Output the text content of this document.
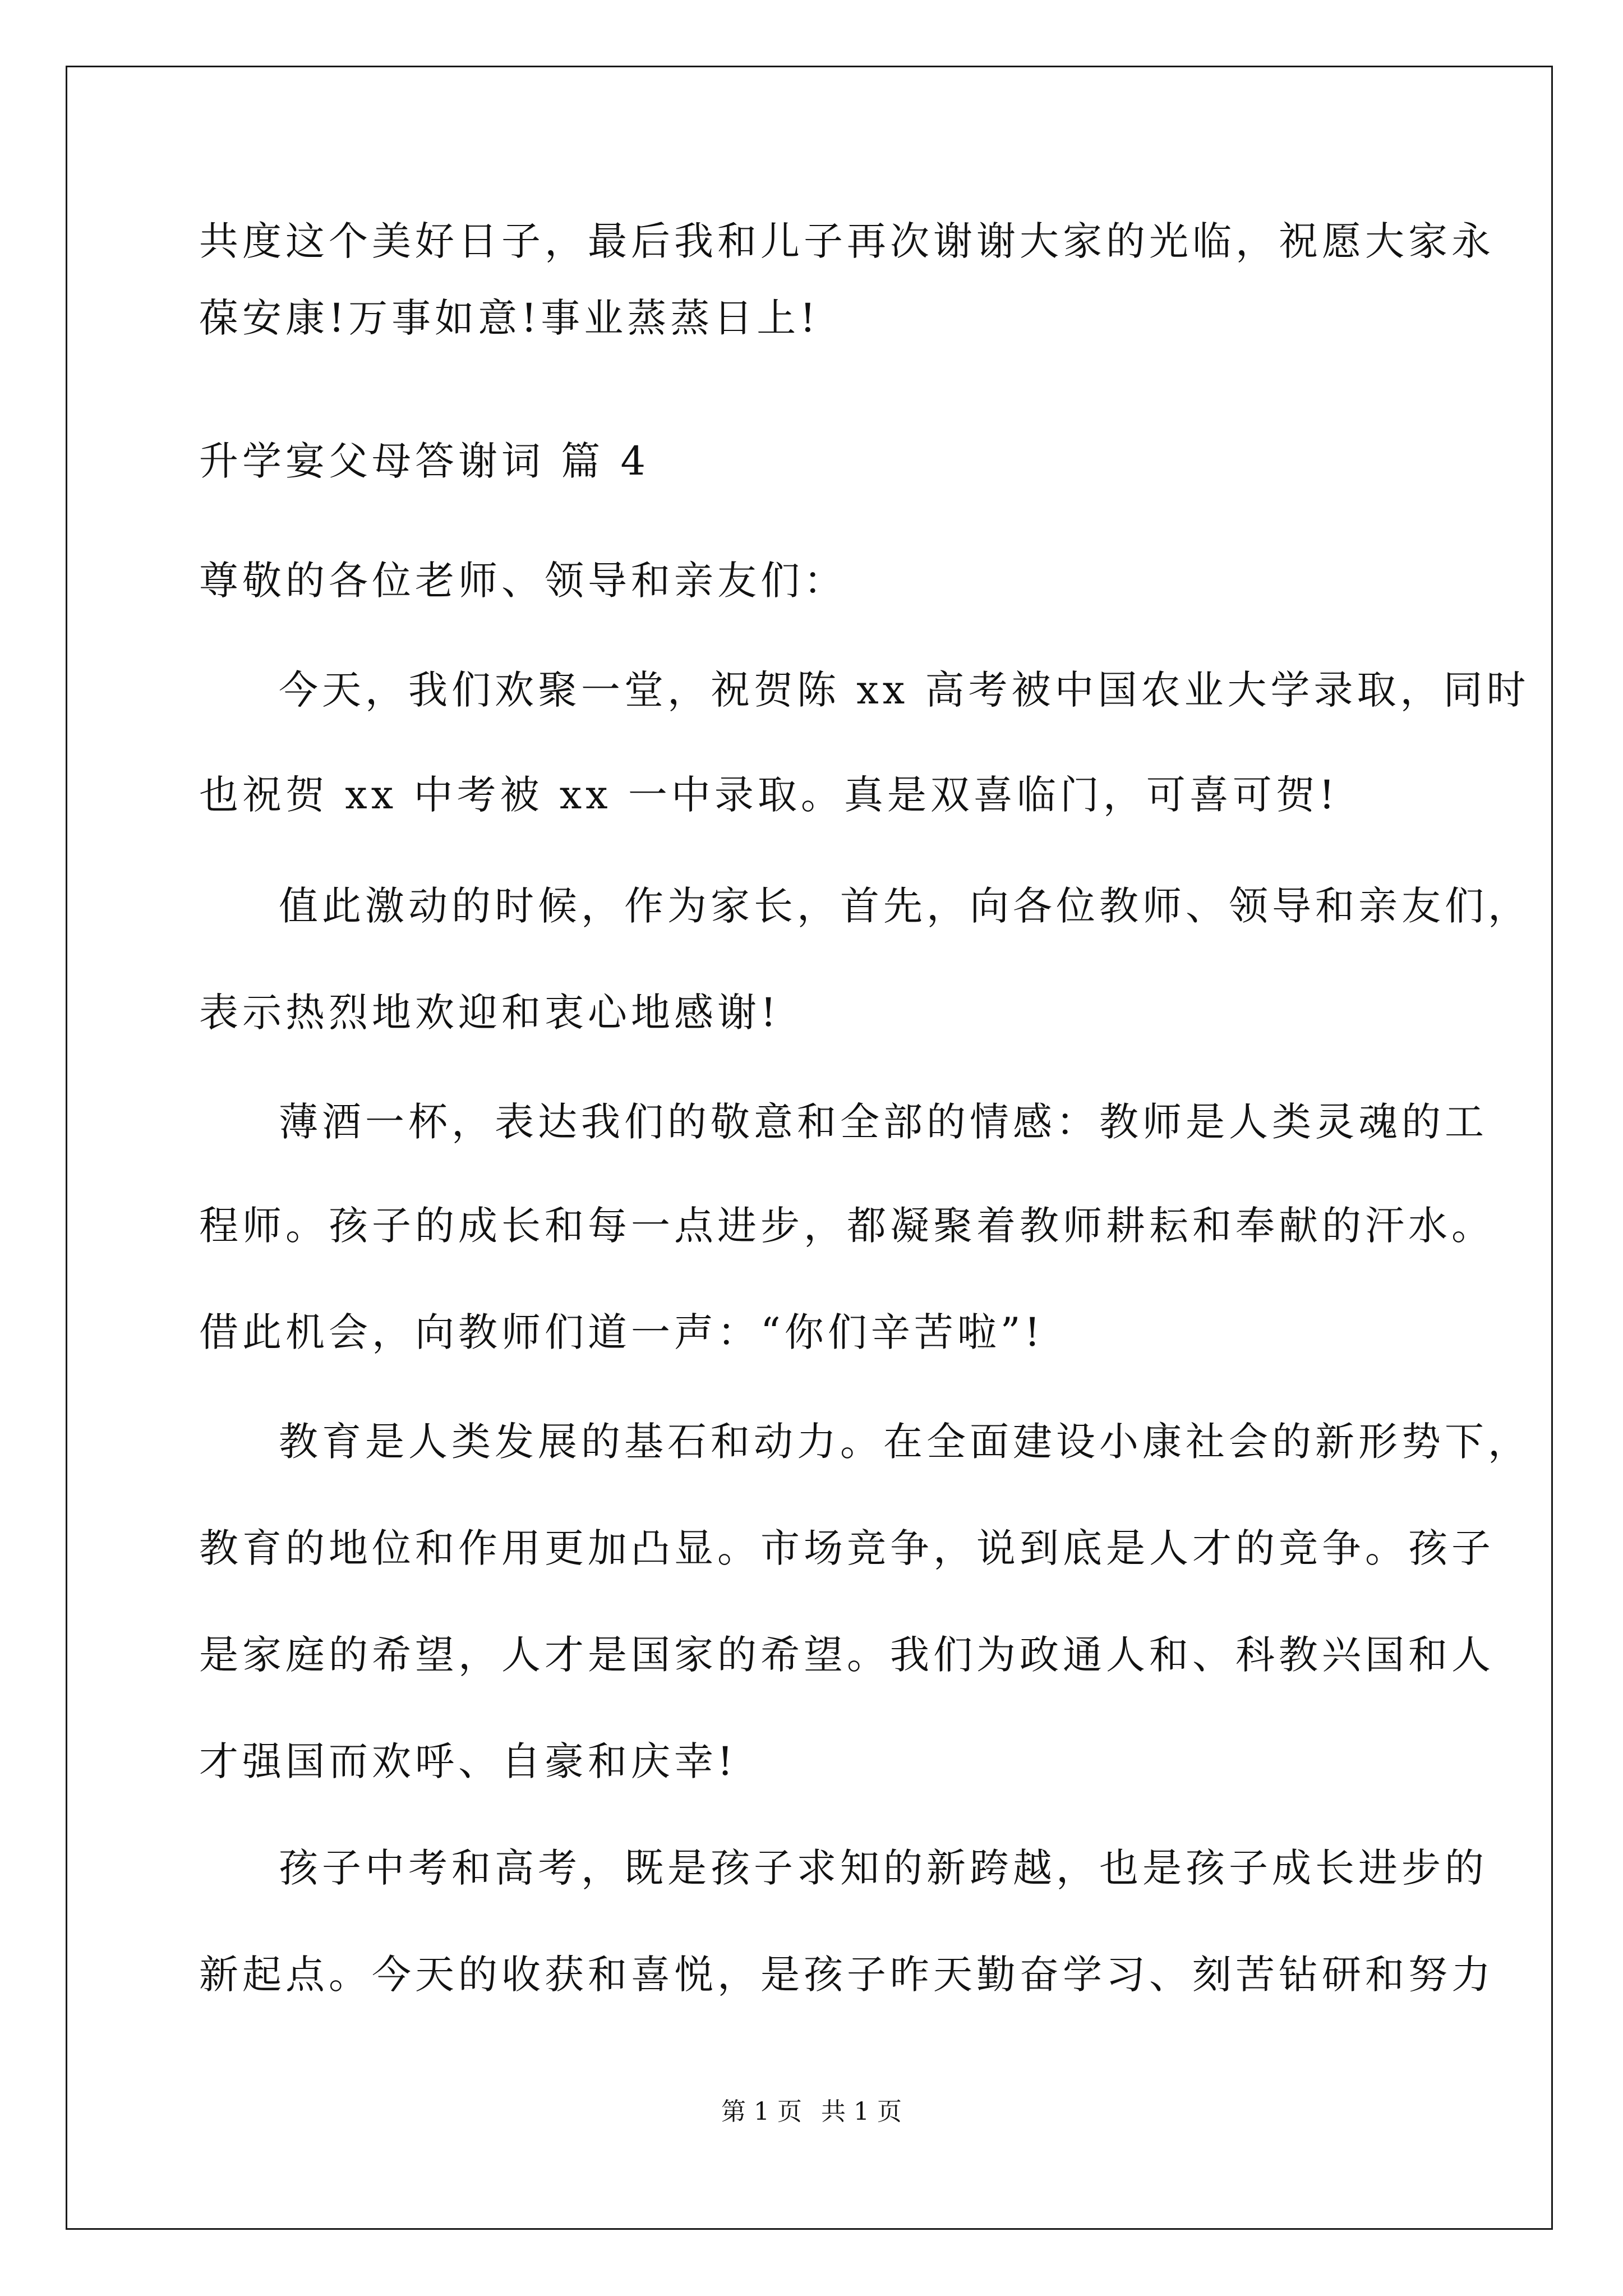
共度这个美好日子，最后我和儿子再次谢谢大家的光临，祝愿大家永
葆安康!万事如意!事业蒸蒸日上!
升学宴父母答谢词 篇 4
尊敬的各位老师、领导和亲友们：
今天，我们欢聚一堂，祝贺陈 xx 高考被中国农业大学录取，同时
也祝贺 xx 中考被 xx 一中录取。真是双喜临门，可喜可贺!
值此激动的时候，作为家长，首先，向各位教师、领导和亲友们，
表示热烈地欢迎和衷心地感谢!
薄酒一杯，表达我们的敬意和全部的情感：教师是人类灵魂的工
程师。孩子的成长和每一点进步，都凝聚着教师耕耘和奉献的汗水。
借此机会，向教师们道一声：“你们辛苦啦”!
教育是人类发展的基石和动力。在全面建设小康社会的新形势下，
教育的地位和作用更加凸显。市场竞争，说到底是人才的竞争。孩子
是家庭的希望，人才是国家的希望。我们为政通人和、科教兴国和人
才强国而欢呼、自豪和庆幸!
孩子中考和高考，既是孩子求知的新跨越，也是孩子成长进步的
新起点。今天的收获和喜悦，是孩子昨天勤奋学习、刻苦钻研和努力
第 1 页 共 1 页
